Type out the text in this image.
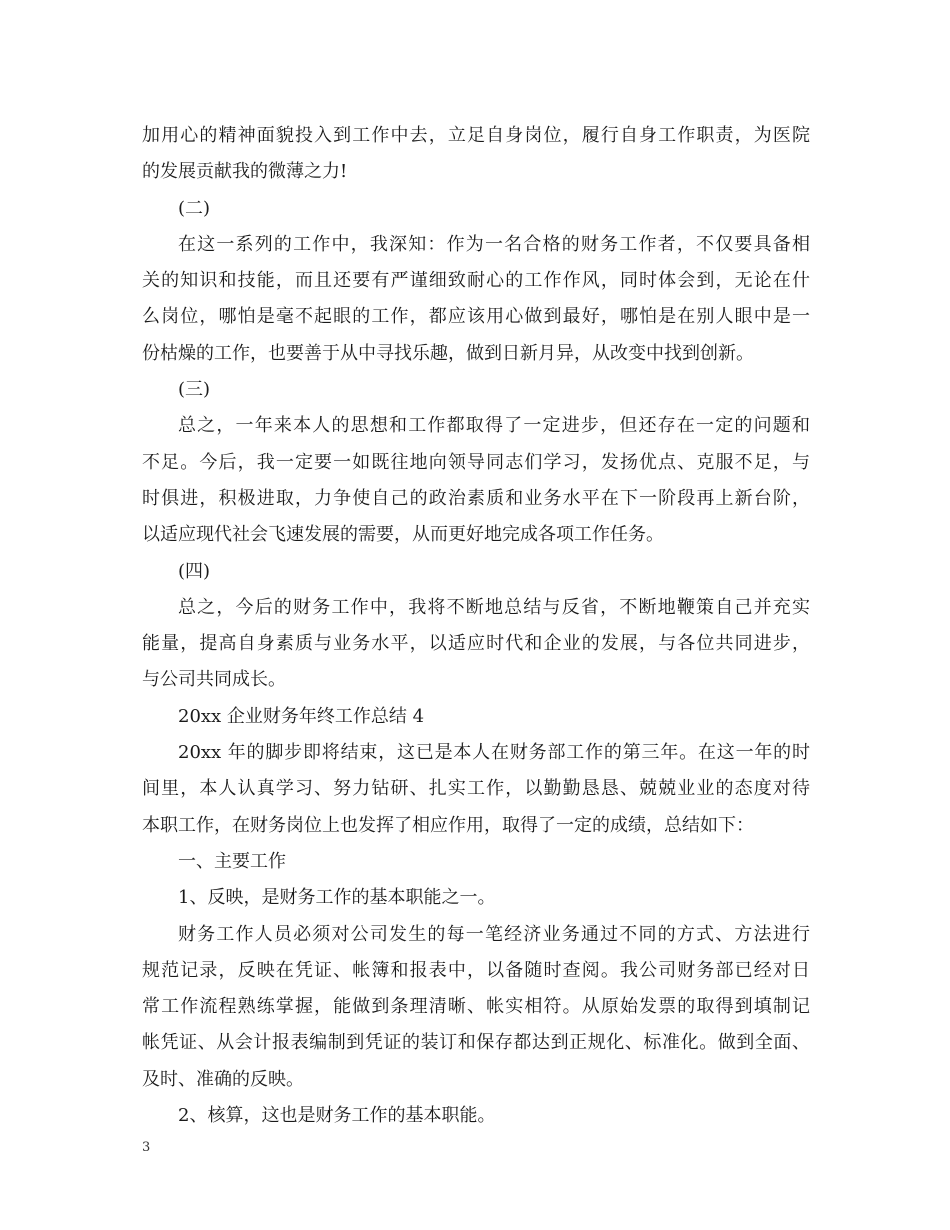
加用心的精神面貌投入到工作中去，立足自身岗位，履行自身工作职责，为医院
的发展贡献我的微薄之力!
(二)
在这一系列的工作中，我深知：作为一名合格的财务工作者，不仅要具备相
关的知识和技能，而且还要有严谨细致耐心的工作作风，同时体会到，无论在什
么岗位，哪怕是毫不起眼的工作，都应该用心做到最好，哪怕是在别人眼中是一
份枯燥的工作，也要善于从中寻找乐趣，做到日新月异，从改变中找到创新。
(三)
总之，一年来本人的思想和工作都取得了一定进步，但还存在一定的问题和
不足。今后，我一定要一如既往地向领导同志们学习，发扬优点、克服不足，与
时俱进，积极进取，力争使自己的政治素质和业务水平在下一阶段再上新台阶，
以适应现代社会飞速发展的需要，从而更好地完成各项工作任务。
(四)
总之，今后的财务工作中，我将不断地总结与反省，不断地鞭策自己并充实
能量，提高自身素质与业务水平，以适应时代和企业的发展，与各位共同进步，
与公司共同成长。
20xx 企业财务年终工作总结 4
20xx 年的脚步即将结束，这已是本人在财务部工作的第三年。在这一年的时
间里，本人认真学习、努力钻研、扎实工作，以勤勤恳恳、兢兢业业的态度对待
本职工作，在财务岗位上也发挥了相应作用，取得了一定的成绩，总结如下：
一、主要工作
1、反映，是财务工作的基本职能之一。
财务工作人员必须对公司发生的每一笔经济业务通过不同的方式、方法进行
规范记录，反映在凭证、帐簿和报表中，以备随时查阅。我公司财务部已经对日
常工作流程熟练掌握，能做到条理清晰、帐实相符。从原始发票的取得到填制记
帐凭证、从会计报表编制到凭证的装订和保存都达到正规化、标准化。做到全面、
及时、准确的反映。
2、核算，这也是财务工作的基本职能。
3
